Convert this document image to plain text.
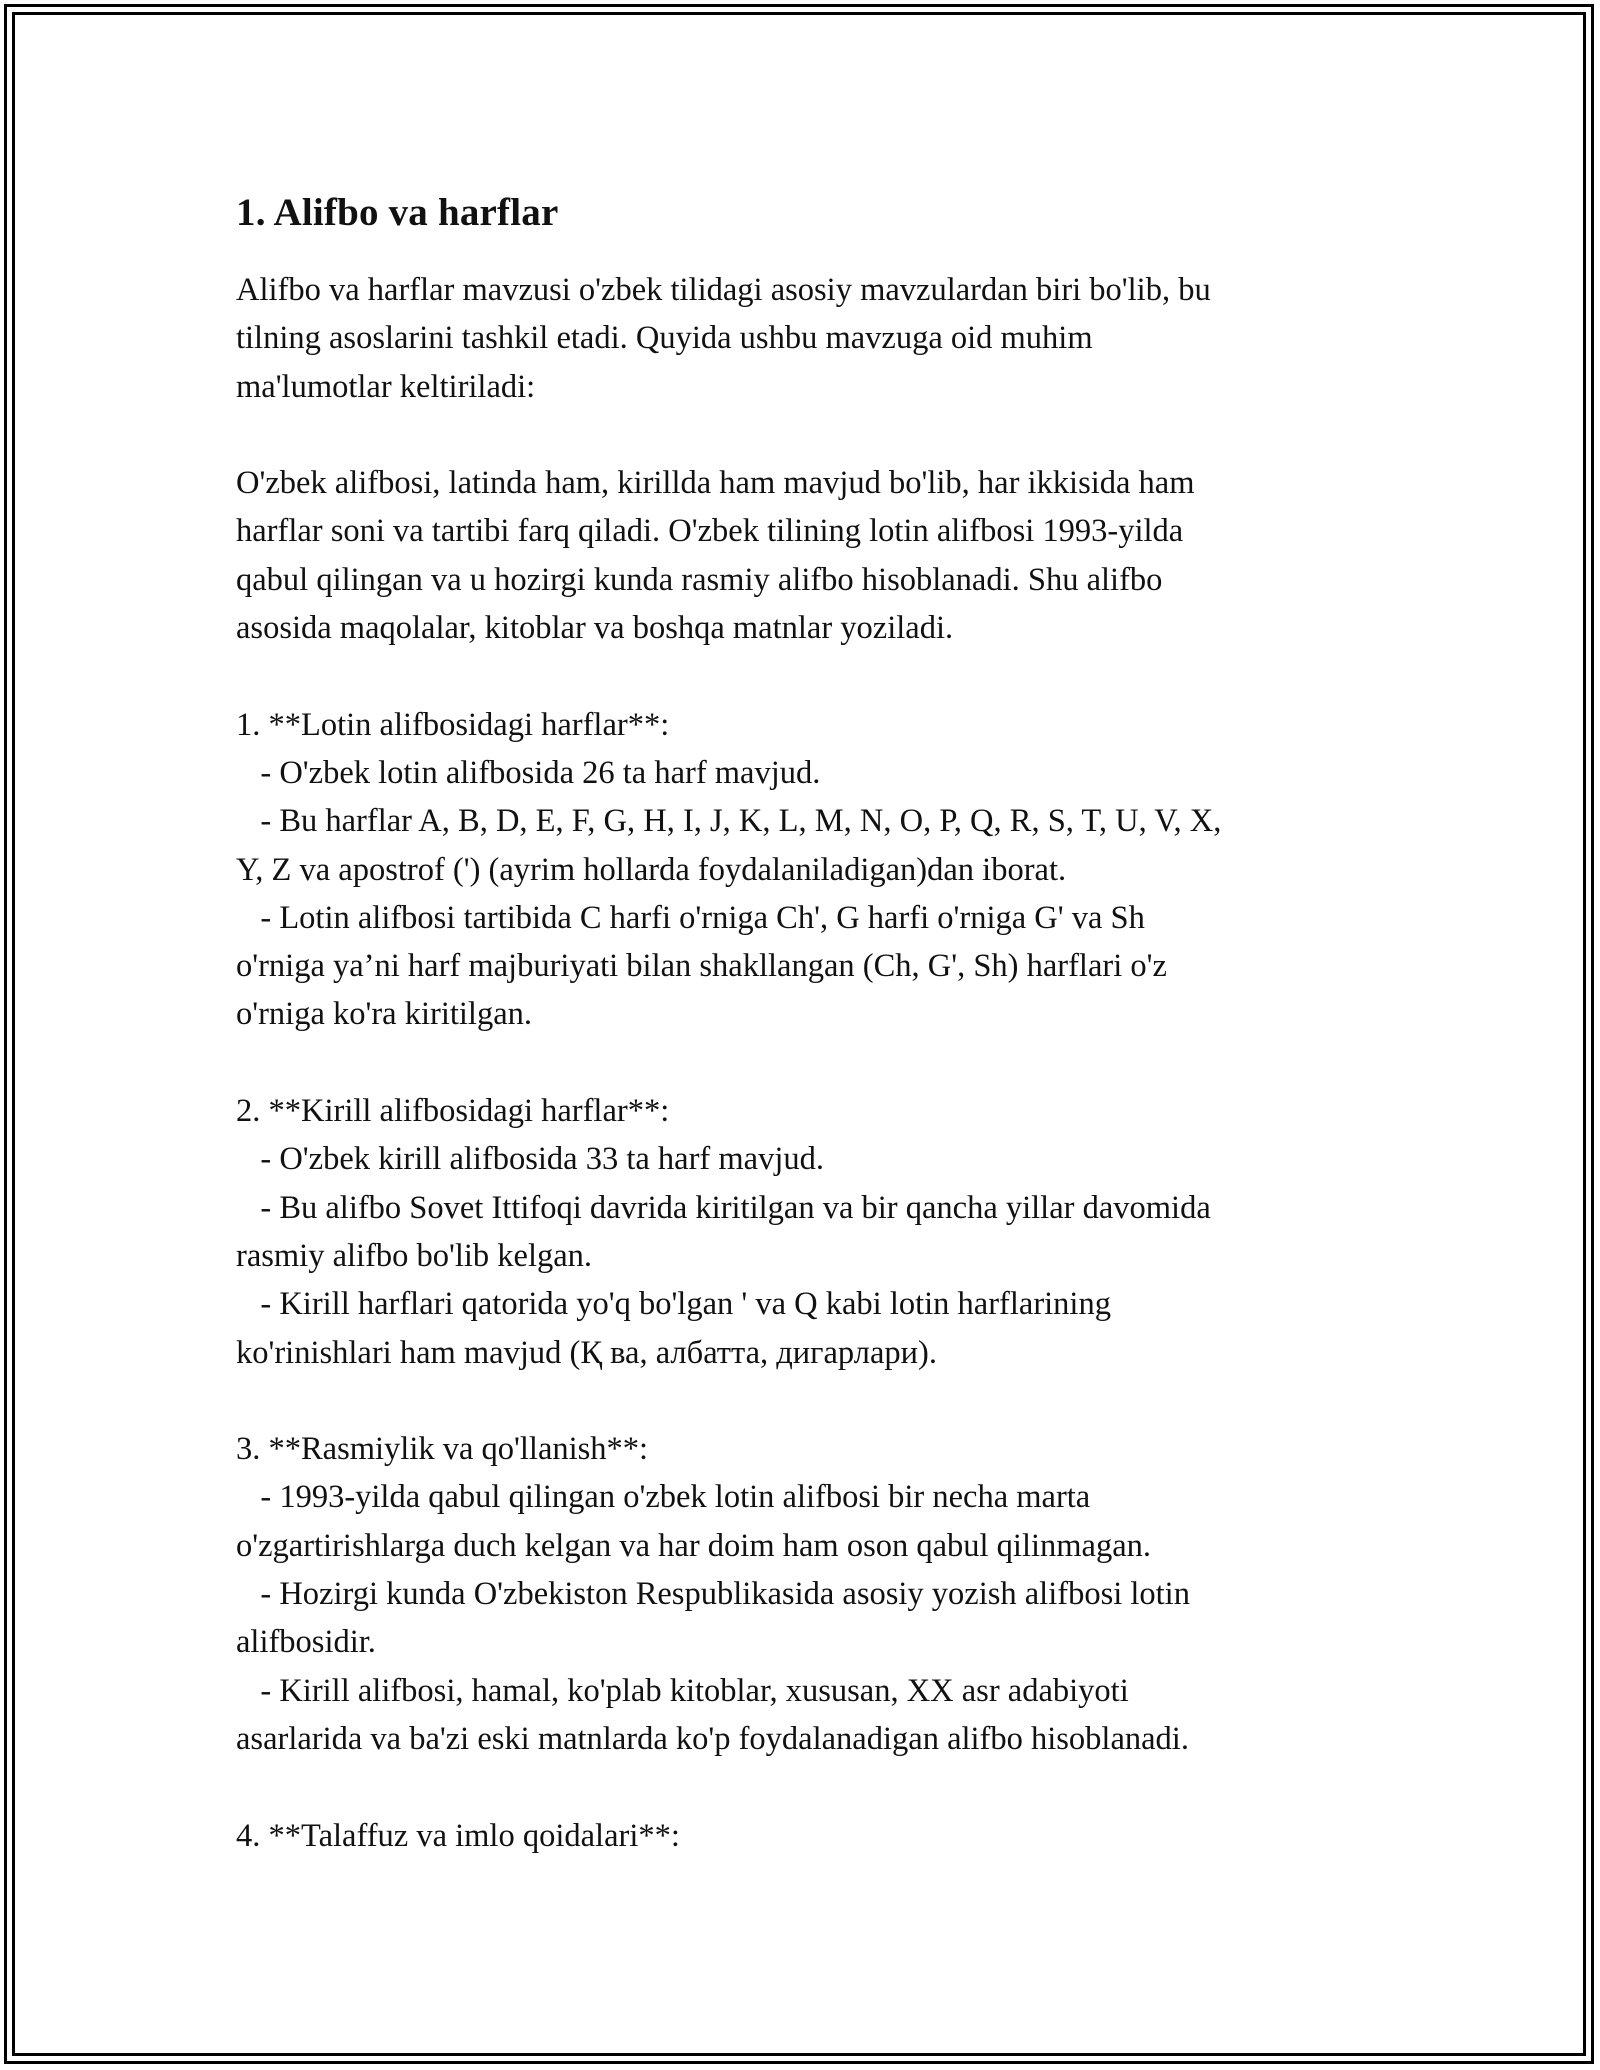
1. Alifbo va harflar

Alifbo va harflar mavzusi o'zbek tilidagi asosiy mavzulardan biri bo'lib, bu
tilning asoslarini tashkil etadi. Quyida ushbu mavzuga oid muhim
ma'lumotlar keltiriladi:

O'zbek alifbosi, latinda ham, kirillda ham mavjud bo'lib, har ikkisida ham
harflar soni va tartibi farq qiladi. O'zbek tilining lotin alifbosi 1993-yilda
qabul qilingan va u hozirgi kunda rasmiy alifbo hisoblanadi. Shu alifbo
asosida maqolalar, kitoblar va boshqa matnlar yoziladi.

1. **Lotin alifbosidagi harflar**:

- O'zbek lotin alifbosida 26 ta harf mavjud.

- Bu harflar A, B, D, E, F, G, H, I, J, K, L, M, N, O, P, Q, R, S, T, U, V, X,
Y, Z va apostrof (') (ayrim hollarda foydalaniladigan)dan iborat.

- Lotin alifbosi tartibida C harfi o'rniga Ch', G harfi o'rniga G' va Sh
o'rniga ya’ni harf majburiyati bilan shakllangan (Ch, G', Sh) harflari o'z
o'rniga ko'ra kiritilgan.

2. **Kirill alifbosidagi harflar**:

- O'zbek kirill alifbosida 33 ta harf mavjud.

- Bu alifbo Sovet Ittifoqi davrida kiritilgan va bir qancha yillar davomida
rasmiy alifbo bo'lib kelgan.

- Kirill harflari qatorida yo'q bo'lgan ' va Q kabi lotin harflarining
ko'rinishlari ham mavjud (Қ ва, албатта, дигарлари).

3. **Rasmiylik va qo'llanish**:

- 1993-yilda qabul qilingan o'zbek lotin alifbosi bir necha marta
o'zgartirishlarga duch kelgan va har doim ham oson qabul qilinmagan.

- Hozirgi kunda O'zbekiston Respublikasida asosiy yozish alifbosi lotin
alifbosidir.

- Kirill alifbosi, hamal, ko'plab kitoblar, xususan, XX asr adabiyoti
asarlarida va ba'zi eski matnlarda ko'p foydalanadigan alifbo hisoblanadi.

4. **Talaffuz va imlo qoidalari**:
